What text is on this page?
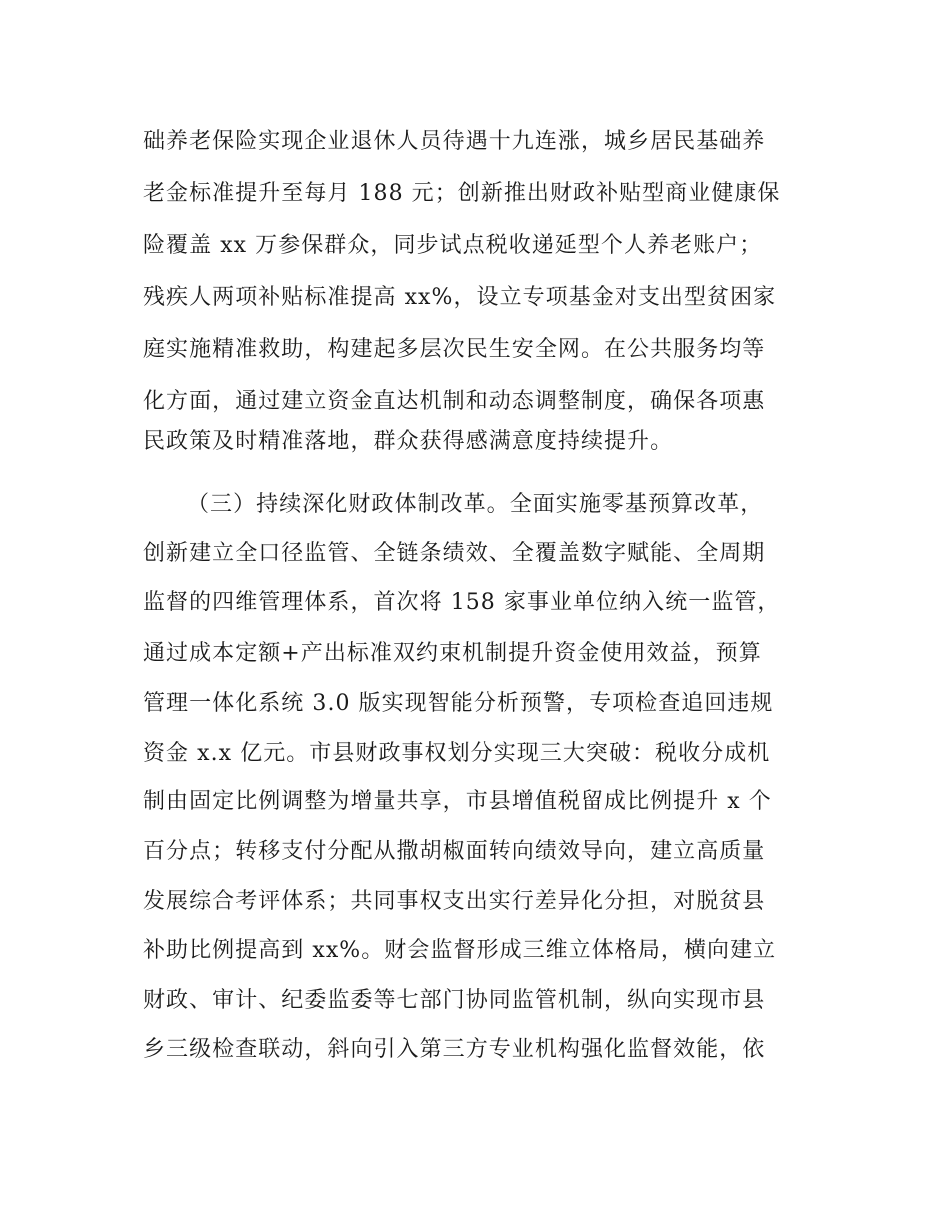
础养老保险实现企业退休人员待遇十九连涨，城乡居民基础养
老金标准提升至每月 188 元；创新推出财政补贴型商业健康保
险覆盖 xx 万参保群众，同步试点税收递延型个人养老账户；
残疾人两项补贴标准提高 xx%，设立专项基金对支出型贫困家
庭实施精准救助，构建起多层次民生安全网。在公共服务均等
化方面，通过建立资金直达机制和动态调整制度，确保各项惠
民政策及时精准落地，群众获得感满意度持续提升。
（三）持续深化财政体制改革。全面实施零基预算改革，
创新建立全口径监管、全链条绩效、全覆盖数字赋能、全周期
监督的四维管理体系，首次将 158 家事业单位纳入统一监管，
通过成本定额+产出标准双约束机制提升资金使用效益，预算
管理一体化系统 3.0 版实现智能分析预警，专项检查追回违规
资金 x.x 亿元。市县财政事权划分实现三大突破：税收分成机
制由固定比例调整为增量共享，市县增值税留成比例提升 x 个
百分点；转移支付分配从撒胡椒面转向绩效导向，建立高质量
发展综合考评体系；共同事权支出实行差异化分担，对脱贫县
补助比例提高到 xx%。财会监督形成三维立体格局，横向建立
财政、审计、纪委监委等七部门协同监管机制，纵向实现市县
乡三级检查联动，斜向引入第三方专业机构强化监督效能，依
